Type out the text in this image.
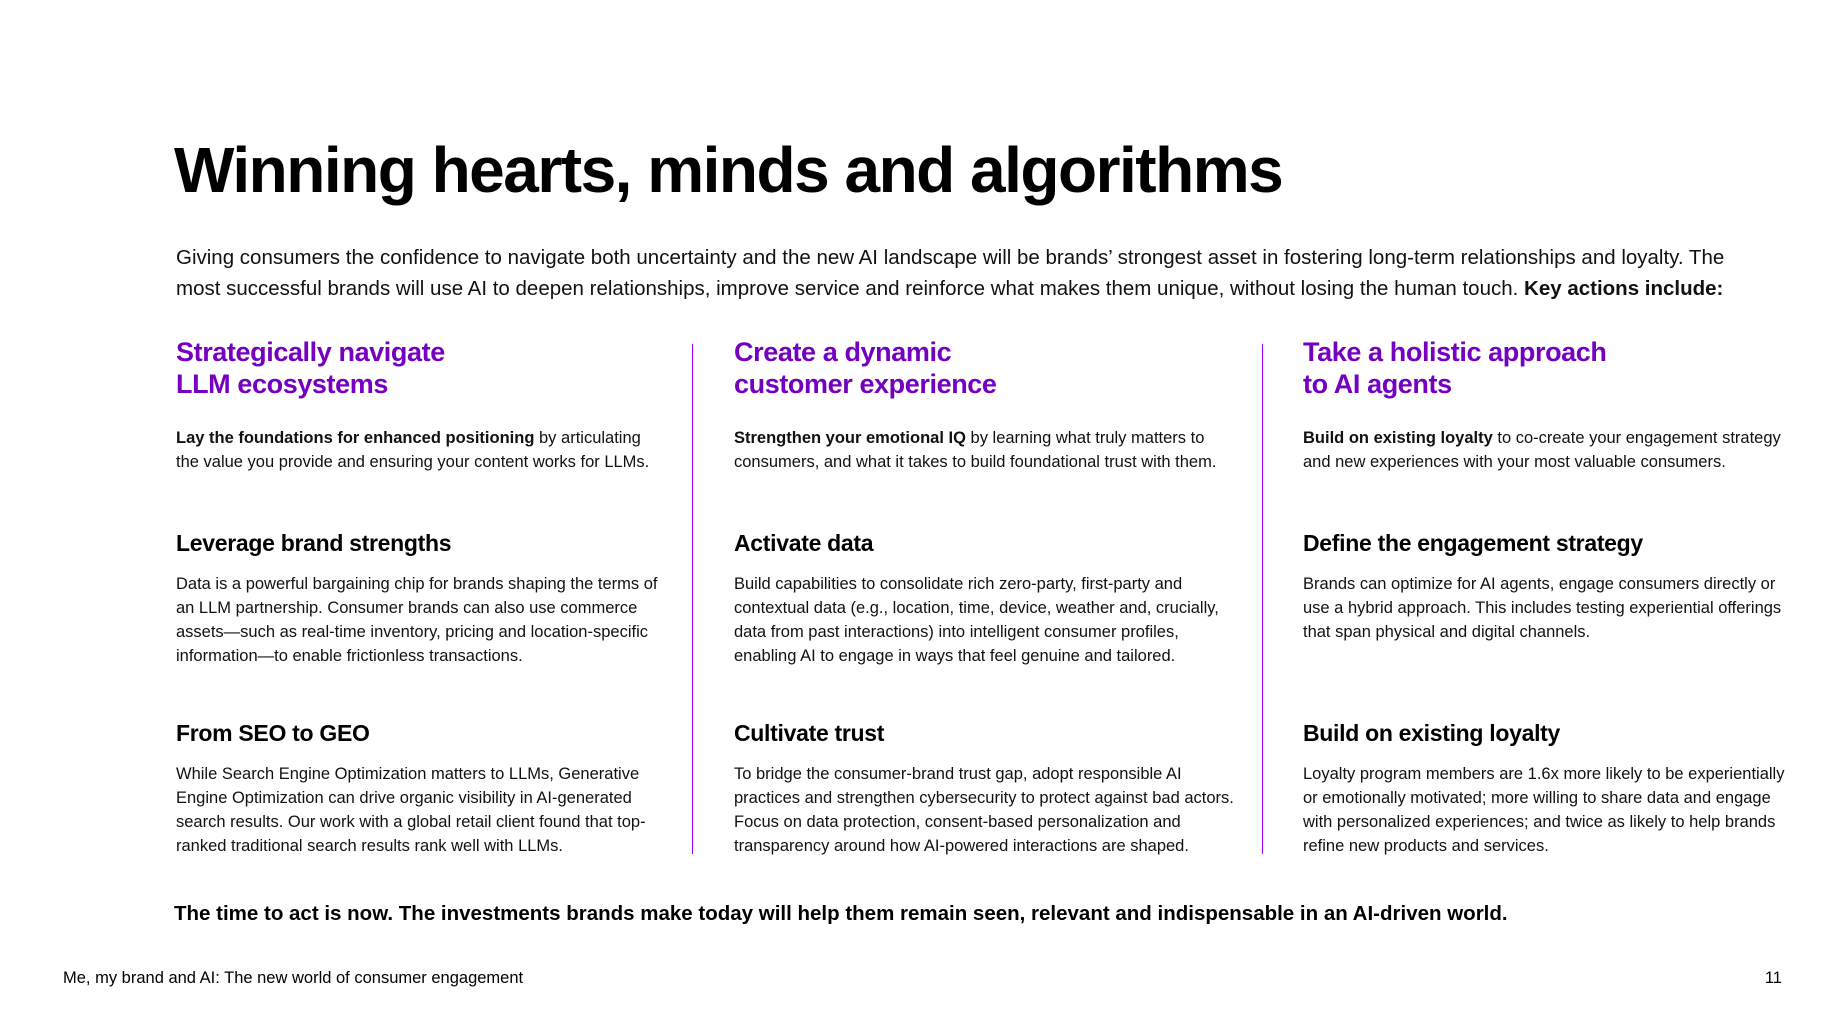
Winning hearts, minds and algorithms

Giving consumers the confidence to navigate both uncertainty and the new AI landscape will be brands’ strongest asset in fostering long-term relationships and loyalty. The most successful brands will use AI to deepen relationships, improve service and reinforce what makes them unique, without losing the human touch. Key actions include:

Strategically navigate
LLM ecosystems

Lay the foundations for enhanced positioning by articulating the value you provide and ensuring your content works for LLMs.

Leverage brand strengths

Data is a powerful bargaining chip for brands shaping the terms of an LLM partnership. Consumer brands can also use commerce assets—such as real-time inventory, pricing and location-specific information—to enable frictionless transactions.

From SEO to GEO

While Search Engine Optimization matters to LLMs, Generative Engine Optimization can drive organic visibility in AI-generated search results. Our work with a global retail client found that top-ranked traditional search results rank well with LLMs.

Create a dynamic
customer experience

Strengthen your emotional IQ by learning what truly matters to consumers, and what it takes to build foundational trust with them.

Activate data

Build capabilities to consolidate rich zero-party, first-party and contextual data (e.g., location, time, device, weather and, crucially, data from past interactions) into intelligent consumer profiles, enabling AI to engage in ways that feel genuine and tailored.

Cultivate trust

To bridge the consumer-brand trust gap, adopt responsible AI practices and strengthen cybersecurity to protect against bad actors. Focus on data protection, consent-based personalization and transparency around how AI-powered interactions are shaped.

Take a holistic approach
to AI agents

Build on existing loyalty to co-create your engagement strategy and new experiences with your most valuable consumers.

Define the engagement strategy

Brands can optimize for AI agents, engage consumers directly or use a hybrid approach. This includes testing experiential offerings that span physical and digital channels.

Build on existing loyalty

Loyalty program members are 1.6x more likely to be experientially or emotionally motivated; more willing to share data and engage with personalized experiences; and twice as likely to help brands refine new products and services.

The time to act is now. The investments brands make today will help them remain seen, relevant and indispensable in an AI-driven world.

Me, my brand and AI: The new world of consumer engagement	11
